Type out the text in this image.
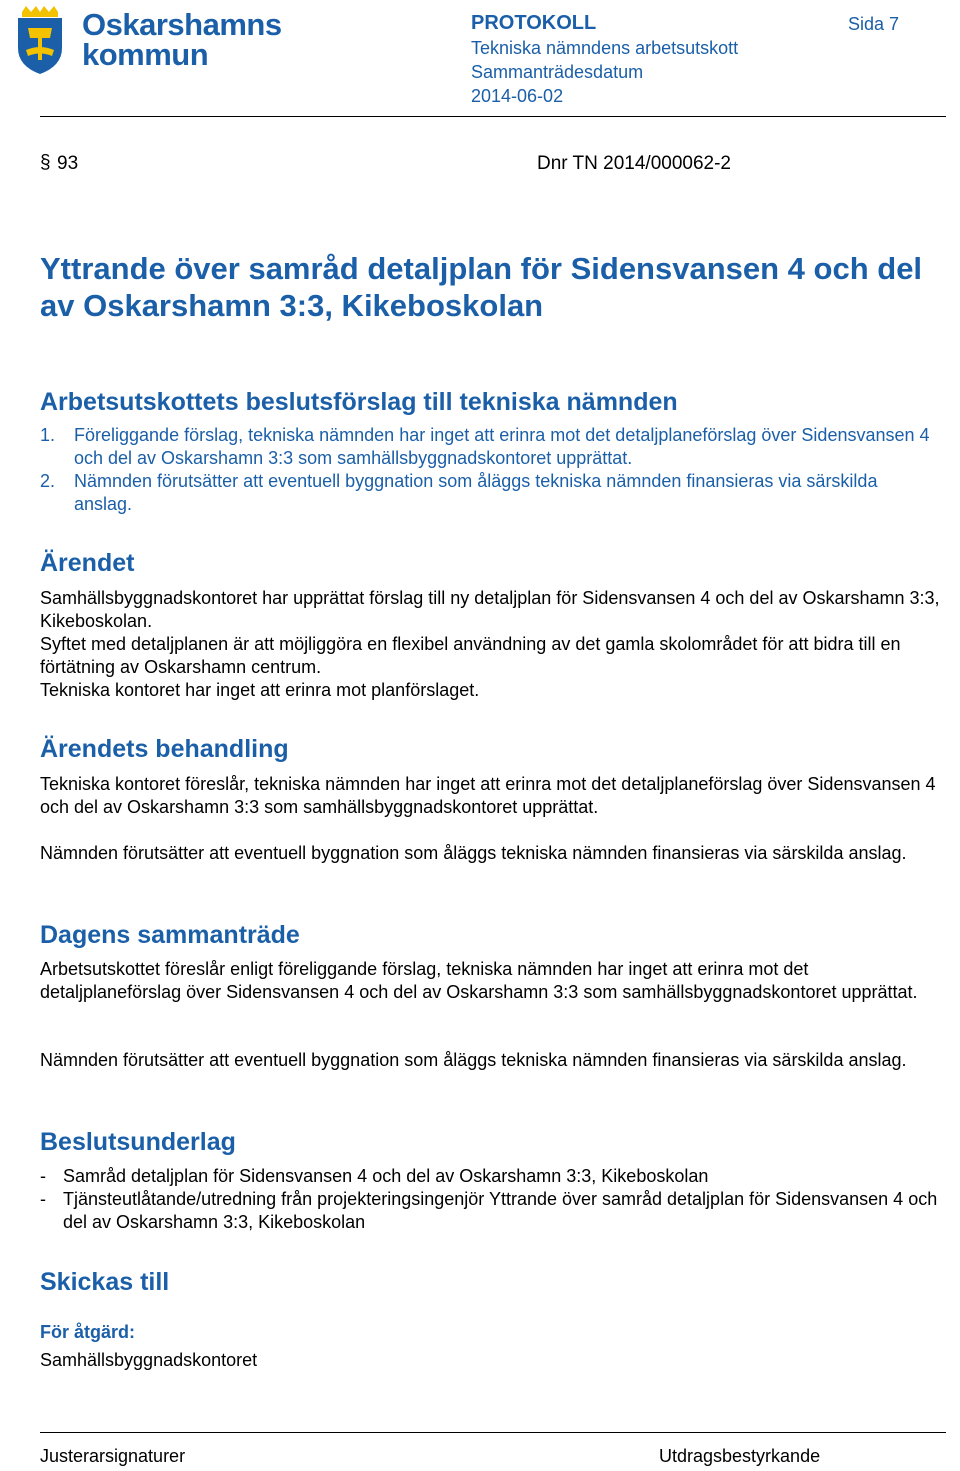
Oskarshamns
kommun
PROTOKOLL
Tekniska nämndens arbetsutskott
Sammanträdesdatum
2014-06-02
Sida 7
§ 93	Dnr TN 2014/000062-2
Yttrande över samråd detaljplan för Sidensvansen 4 och del av Oskarshamn 3:3, Kikeboskolan
Arbetsutskottets beslutsförslag till tekniska nämnden
1. Föreliggande förslag, tekniska nämnden har inget att erinra mot det detaljplaneförslag över Sidensvansen 4 och del av Oskarshamn 3:3 som samhällsbyggnadskontoret upprättat.
2. Nämnden förutsätter att eventuell byggnation som åläggs tekniska nämnden finansieras via särskilda anslag.
Ärendet

Samhällsbyggnadskontoret har upprättat förslag till ny detaljplan för Sidensvansen 4 och del av Oskarshamn 3:3, Kikeboskolan.

Syftet med detaljplanen är att möjliggöra en flexibel användning av det gamla skolområdet för att bidra till en förtätning av Oskarshamn centrum.

Tekniska kontoret har inget att erinra mot planförslaget.

Ärendets behandling

Tekniska kontoret föreslår, tekniska nämnden har inget att erinra mot det detaljplaneförslag över Sidensvansen 4 och del av Oskarshamn 3:3 som samhällsbyggnadskontoret upprättat.

Nämnden förutsätter att eventuell byggnation som åläggs tekniska nämnden finansieras via särskilda anslag.

Dagens sammanträde

Arbetsutskottet föreslår enligt föreliggande förslag, tekniska nämnden har inget att erinra mot det detaljplaneförslag över Sidensvansen 4 och del av Oskarshamn 3:3 som samhällsbyggnadskontoret upprättat.

Nämnden förutsätter att eventuell byggnation som åläggs tekniska nämnden finansieras via särskilda anslag.

Beslutsunderlag
- Samråd detaljplan för Sidensvansen 4 och del av Oskarshamn 3:3, Kikeboskolan
- Tjänsteutlåtande/utredning från projekteringsingenjör Yttrande över samråd detaljplan för Sidensvansen 4 och del av Oskarshamn 3:3, Kikeboskolan
Skickas till
För åtgärd:
Samhällsbyggnadskontoret
Justerarsignaturer	Utdragsbestyrkande
